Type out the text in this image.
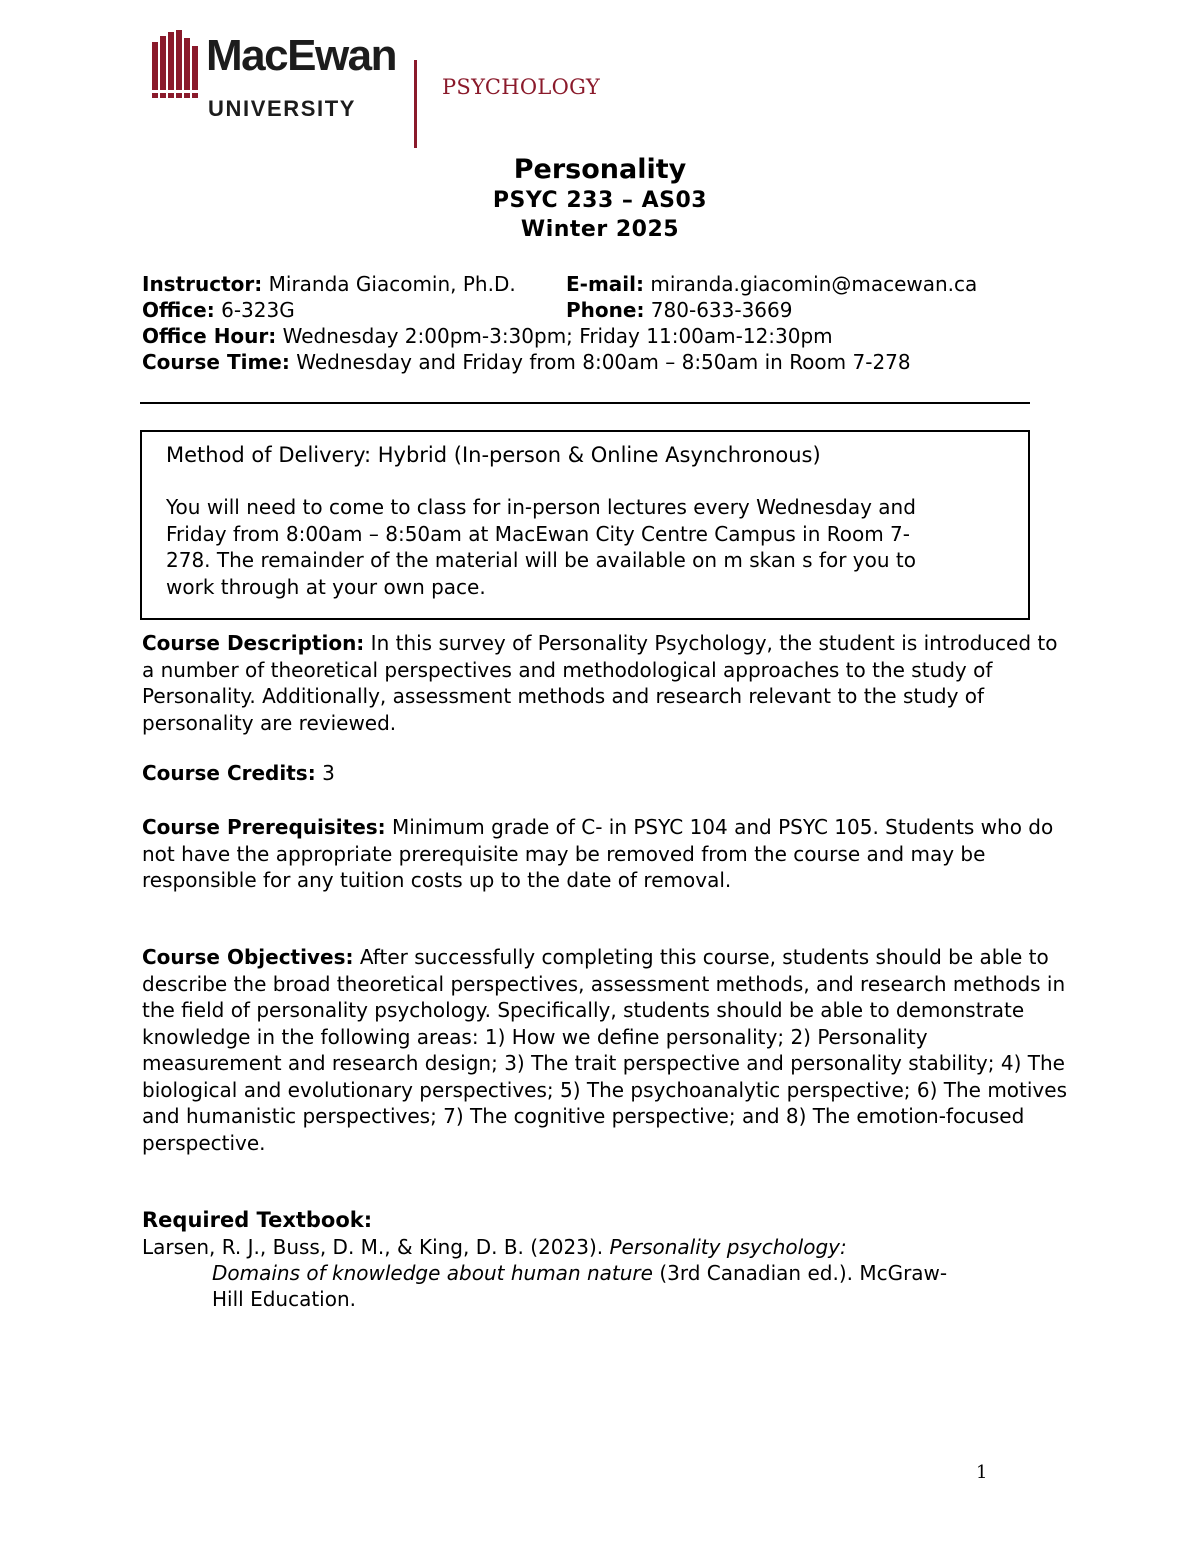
MacEwan
UNIVERSITY
PSYCHOLOGY
Personality
PSYC 233 – AS03
Winter 2025
Instructor: Miranda Giacomin, Ph.D.	E-mail: miranda.giacomin@macewan.ca
Office: 6-323G	Phone: 780-633-3669
Office Hour: Wednesday 2:00pm-3:30pm; Friday 11:00am-12:30pm
Course Time: Wednesday and Friday from 8:00am – 8:50am in Room 7-278
Method of Delivery: Hybrid (In-person & Online Asynchronous)
You will need to come to class for in-person lectures every Wednesday and
Friday from 8:00am – 8:50am at MacEwan City Centre Campus in Room 7-
278. The remainder of the material will be available on m skan s for you to
work through at your own pace.
Course Description: In this survey of Personality Psychology, the student is introduced to a number of theoretical perspectives and methodological approaches to the study of Personality. Additionally, assessment methods and research relevant to the study of personality are reviewed.
Course Credits: 3
Course Prerequisites: Minimum grade of C- in PSYC 104 and PSYC 105. Students who do not have the appropriate prerequisite may be removed from the course and may be responsible for any tuition costs up to the date of removal.
Course Objectives: After successfully completing this course, students should be able to describe the broad theoretical perspectives, assessment methods, and research methods in the field of personality psychology. Specifically, students should be able to demonstrate knowledge in the following areas: 1) How we define personality; 2) Personality measurement and research design; 3) The trait perspective and personality stability; 4) The biological and evolutionary perspectives; 5) The psychoanalytic perspective; 6) The motives and humanistic perspectives; 7) The cognitive perspective; and 8) The emotion-focused perspective.
Required Textbook:
Larsen, R. J., Buss, D. M., & King, D. B. (2023). Personality psychology:
Domains of knowledge about human nature (3rd Canadian ed.). McGraw-
Hill Education.
1
